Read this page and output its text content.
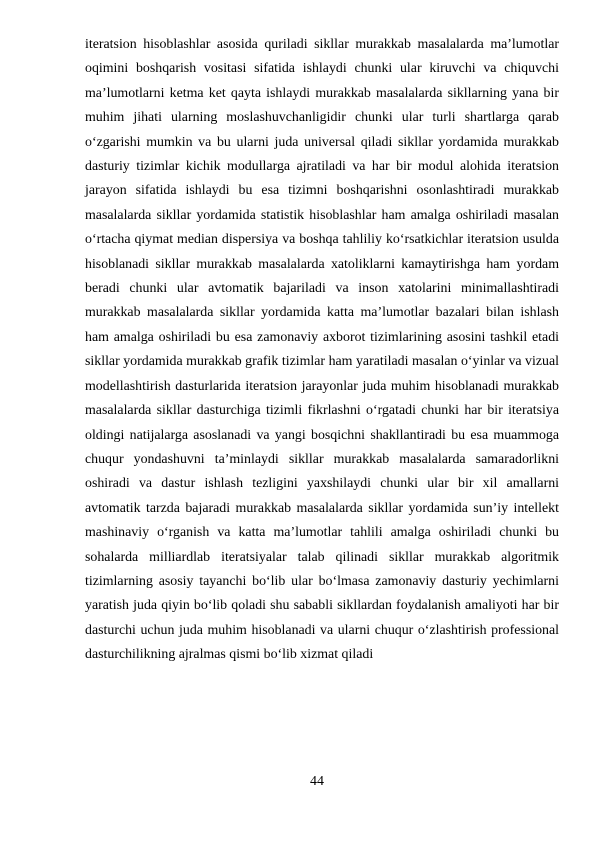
iteratsion hisoblashlar asosida quriladi sikllar murakkab masalalarda ma’lumotlar oqimini boshqarish vositasi sifatida ishlaydi chunki ular kiruvchi va chiquvchi ma’lumotlarni ketma ket qayta ishlaydi murakkab masalalarda sikllarning yana bir muhim jihati ularning moslashuvchanligidir chunki ular turli shartlarga qarab o‘zgarishi mumkin va bu ularni juda universal qiladi sikllar yordamida murakkab dasturiy tizimlar kichik modullarga ajratiladi va har bir modul alohida iteratsion jarayon sifatida ishlaydi bu esa tizimni boshqarishni osonlashtiradi murakkab masalalarda sikllar yordamida statistik hisoblashlar ham amalga oshiriladi masalan o‘rtacha qiymat median dispersiya va boshqa tahliliy ko‘rsatkichlar iteratsion usulda hisoblanadi sikllar murakkab masalalarda xatoliklarni kamaytirishga ham yordam beradi chunki ular avtomatik bajariladi va inson xatolarini minimallashtiradi murakkab masalalarda sikllar yordamida katta ma’lumotlar bazalari bilan ishlash ham amalga oshiriladi bu esa zamonaviy axborot tizimlarining asosini tashkil etadi sikllar yordamida murakkab grafik tizimlar ham yaratiladi masalan o‘yinlar va vizual modellashtirish dasturlarida iteratsion jarayonlar juda muhim hisoblanadi murakkab masalalarda sikllar dasturchiga tizimli fikrlashni o‘rgatadi chunki har bir iteratsiya oldingi natijalarga asoslanadi va yangi bosqichni shakllantiradi bu esa muammoga chuqur yondashuvni ta’minlaydi sikllar murakkab masalalarda samaradorlikni oshiradi va dastur ishlash tezligini yaxshilaydi chunki ular bir xil amallarni avtomatik tarzda bajaradi murakkab masalalarda sikllar yordamida sun’iy intellekt mashinaviy o‘rganish va katta ma’lumotlar tahlili amalga oshiriladi chunki bu sohalarda milliardlab iteratsiyalar talab qilinadi sikllar murakkab algoritmik tizimlarning asosiy tayanchi bo‘lib ular bo‘lmasa zamonaviy dasturiy yechimlarni yaratish juda qiyin bo‘lib qoladi shu sababli sikllardan foydalanish amaliyoti har bir dasturchi uchun juda muhim hisoblanadi va ularni chuqur o‘zlashtirish professional dasturchilikning ajralmas qismi bo‘lib xizmat qiladi

44
